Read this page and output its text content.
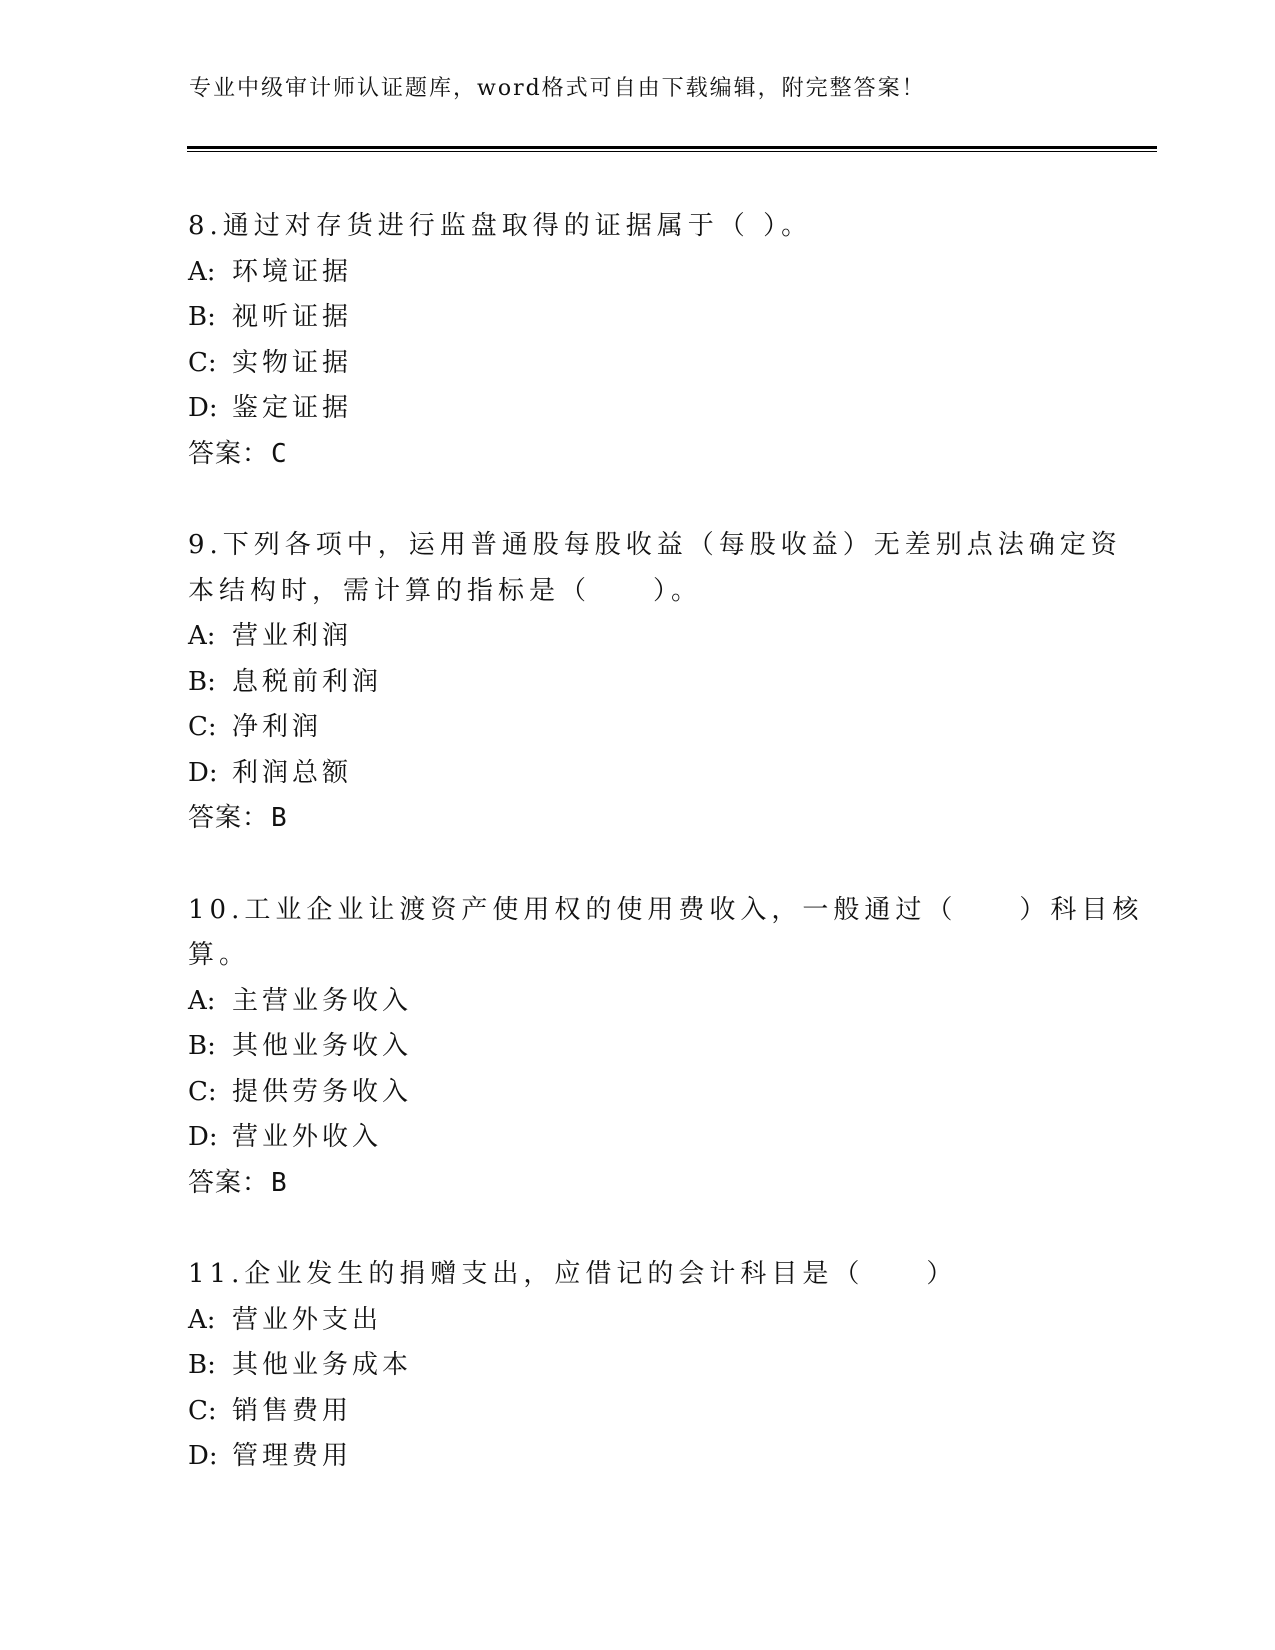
专业中级审计师认证题库，word格式可自由下载编辑，附完整答案！
8.通过对存货进行监盘取得的证据属于（ ）。
A: 环境证据
B: 视听证据
C: 实物证据
D: 鉴定证据
答案：C
9.下列各项中，运用普通股每股收益（每股收益）无差别点法确定资
本结构时，需计算的指标是（　　）。
A: 营业利润
B: 息税前利润
C: 净利润
D: 利润总额
答案：B
10.工业企业让渡资产使用权的使用费收入，一般通过（　　）科目核
算。
A: 主营业务收入
B: 其他业务收入
C: 提供劳务收入
D: 营业外收入
答案：B
11.企业发生的捐赠支出，应借记的会计科目是（　　）
A: 营业外支出
B: 其他业务成本
C: 销售费用
D: 管理费用
